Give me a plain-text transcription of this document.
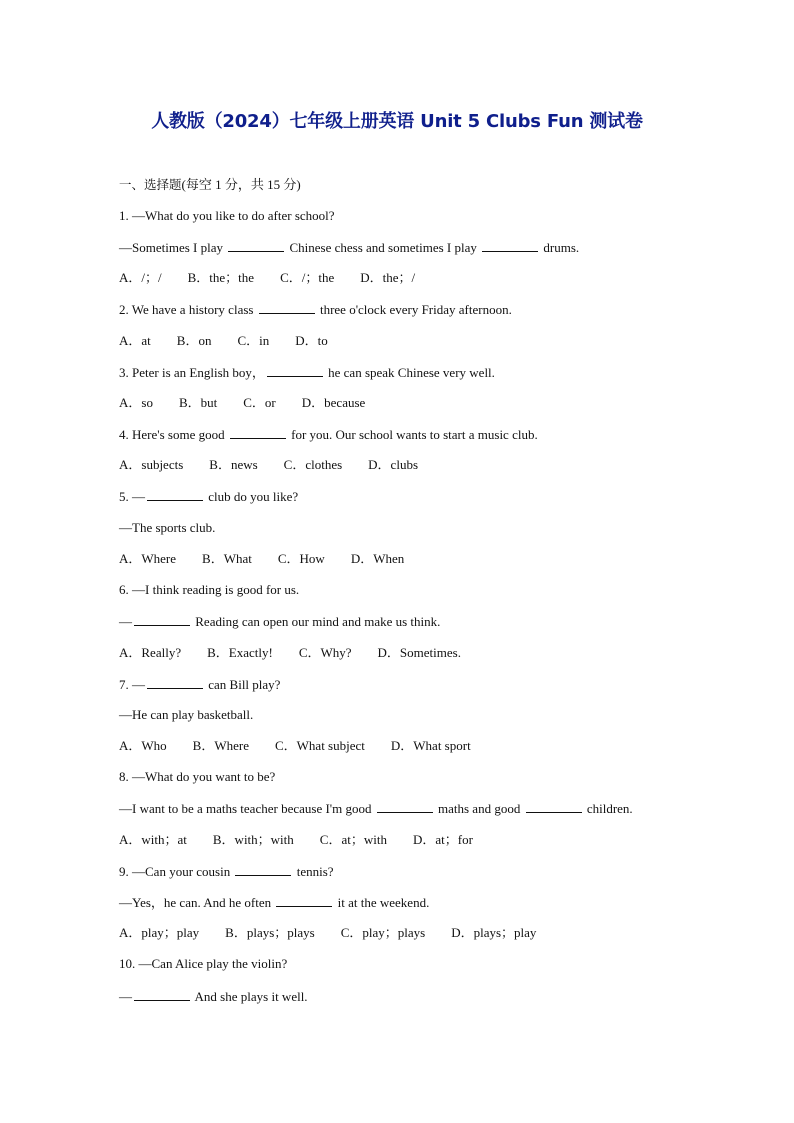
人教版（2024）七年级上册英语 Unit 5 Clubs Fun 测试卷
一、选择题(每空 1 分，共 15 分)
1. —What do you like to do after school?
—Sometimes I play	Chinese chess and sometimes I play	drums.
A．/；/ B．the；the C．/；the D．the；/
2. We have a history class	three o'clock every Friday afternoon.
A．at B．on C．in D．to
3. Peter is an English boy，	he can speak Chinese very well.
A．so B．but C．or D．because
4. Here's some good	for you. Our school wants to start a music club.
A．subjects B．news C．clothes D．clubs
5. —	club do you like?
—The sports club.
A．Where B．What C．How D．When
6. —I think reading is good for us.
—	Reading can open our mind and make us think.
A．Really? B．Exactly! C．Why? D．Sometimes.
7. —	can Bill play?
—He can play basketball.
A．Who B．Where C．What subject D．What sport
8. —What do you want to be?
—I want to be a maths teacher because I'm good	maths and good	children.
A．with；at B．with；with C．at；with D．at；for
9. —Can your cousin	tennis?
—Yes，he can. And he often	it at the weekend.
A．play；play B．plays；plays C．play；plays D．plays；play
10. —Can Alice play the violin?
—	And she plays it well.
